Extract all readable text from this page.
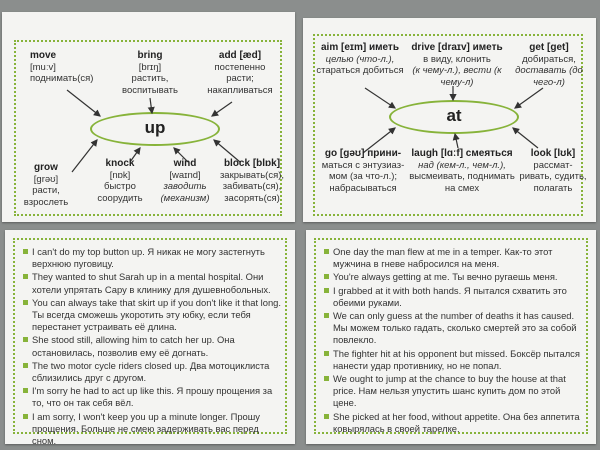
move
[muːv]
поднимать(ся)
bring
[brɪŋ]
растить, воспитывать
add [æd]
постепенно
расти; накапливаться
up
grow
[grəʊ]
расти, взрослеть
knock
[nɒk]
быстро соорудить
wind
[waɪnd]
заводить (механизм)
block [blɒk]
закрывать(ся),
забивать(ся), засорять(ся)
aim [eɪm] иметь
целью (что-л.),
стараться добиться
drive [draɪv] иметь
в виду, клонить
(к чему-л.), вести (к чему-л)
get [get]
добираться,
доставать (до чего-л)
at
go [gəʊ] прини-
маться с энтузиаз-
мом (за что-л.); набрасываться
laugh [lɑːf] смеяться
над (кем-л., чем-л.),
высмеивать, поднимать на смех
look [lʊk]
рассмат-
ривать, судить, полагать
I can't do my top button up. Я никак не могу застегнуть верхнюю пуговицу.
They wanted to shut Sarah up in a mental hospital. Они хотели упрятать Сару в клинику для душевнобольных.
You can always take that skirt up if you don't like it that long. Ты всегда сможешь укоротить эту юбку, если тебя перестанет устраивать её длина.
She stood still, allowing him to catch her up. Она остановилась, позволив ему её догнать.
The two motor cycle riders closed up. Два мотоциклиста сблизились друг с другом.
I'm sorry he had to act up like this. Я прошу прощения за то, что он так себя вёл.
I am sorry, I won't keep you up a minute longer. Прошу прощения. Больше не смею задерживать вас перед сном.
One day the man flew at me in a temper. Как-то этот мужчина в гневе набросился на меня.
You're always getting at me. Ты вечно ругаешь меня.
I grabbed at it with both hands. Я пытался схватить это обеими руками.
We can only guess at the number of deaths it has caused. Мы можем только гадать, сколько смертей это за собой повлекло.
The fighter hit at his opponent but missed. Боксёр пытался нанести удар противнику, но не попал.
We ought to jump at the chance to buy the house at that price. Нам нельзя упустить шанс купить дом по этой цене.
She picked at her food, without appetite. Она без аппетита ковырялась в своей тарелке.
